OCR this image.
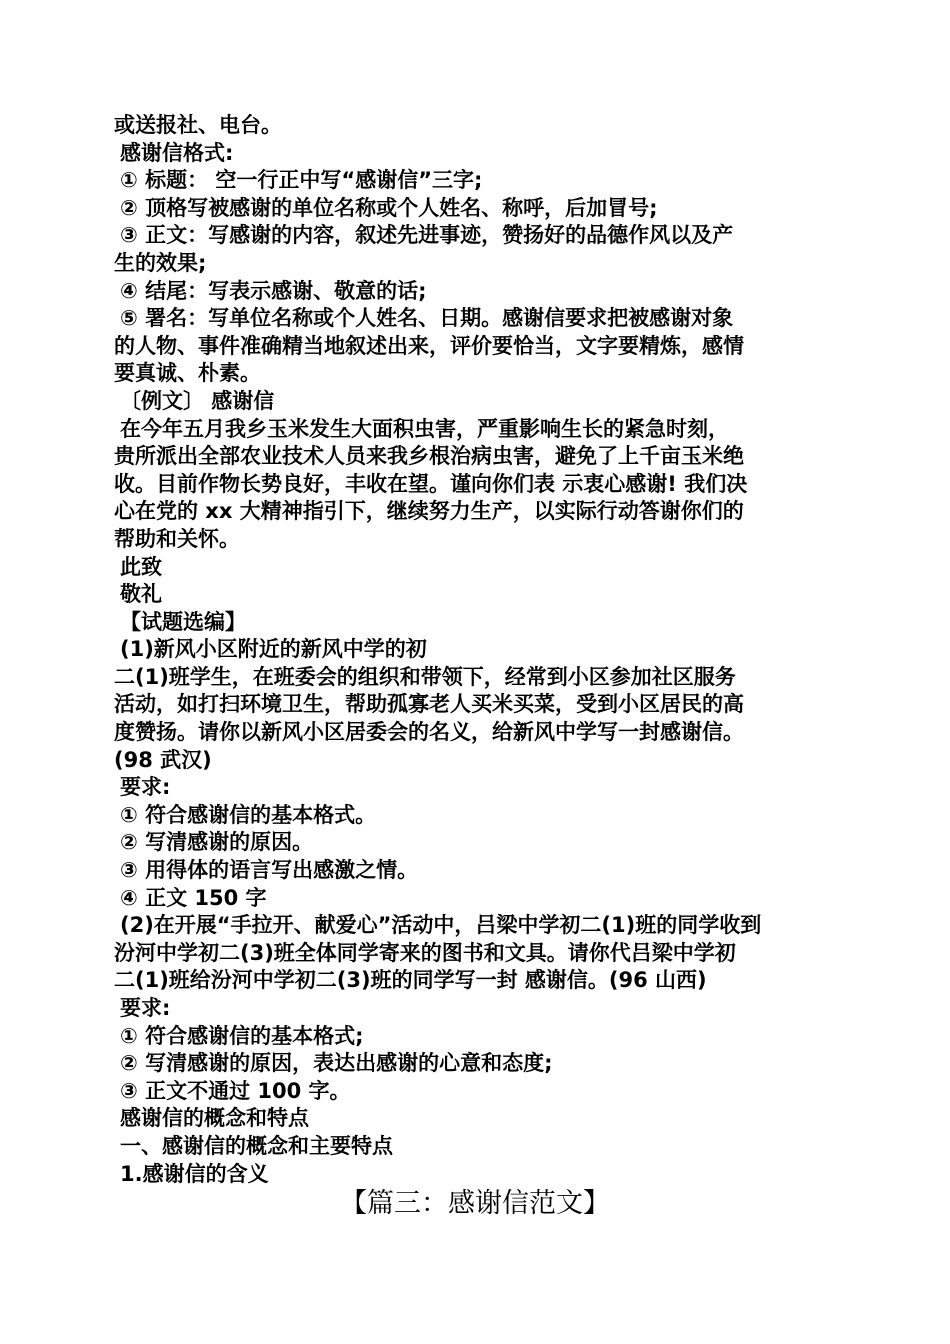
或送报社、电台。

感谢信格式:

① 标题： 空一行正中写“感谢信”三字;

② 顶格写被感谢的单位名称或个人姓名、称呼，后加冒号;

③ 正文：写感谢的内容，叙述先进事迹，赞扬好的品德作风以及产

生的效果;

④ 结尾：写表示感谢、敬意的话;

⑤ 署名：写单位名称或个人姓名、日期。感谢信要求把被感谢对象

的人物、事件准确精当地叙述出来，评价要恰当，文字要精炼，感情

要真诚、朴素。

〔例文〕 感谢信

在今年五月我乡玉米发生大面积虫害，严重影响生长的紧急时刻，

贵所派出全部农业技术人员来我乡根治病虫害，避免了上千亩玉米绝

收。目前作物长势良好，丰收在望。谨向你们表 示衷心感谢! 我们决

心在党的 xx 大精神指引下，继续努力生产，以实际行动答谢你们的

帮助和关怀。

此致

敬礼

【试题选编】

(1)新风小区附近的新风中学的初

二(1)班学生，在班委会的组织和带领下，经常到小区参加社区服务

活动，如打扫环境卫生，帮助孤寡老人买米买菜，受到小区居民的高

度赞扬。请你以新风小区居委会的名义，给新风中学写一封感谢信。

(98 武汉)

要求:

① 符合感谢信的基本格式。

② 写清感谢的原因。

③ 用得体的语言写出感激之情。

④ 正文 150 字

(2)在开展“手拉开、献爱心”活动中，吕梁中学初二(1)班的同学收到

汾河中学初二(3)班全体同学寄来的图书和文具。请你代吕梁中学初

二(1)班给汾河中学初二(3)班的同学写一封 感谢信。(96 山西)

要求:

① 符合感谢信的基本格式;

② 写清感谢的原因，表达出感谢的心意和态度;

③ 正文不通过 100 字。

感谢信的概念和特点

一、感谢信的概念和主要特点

1.感谢信的含义

【篇三：感谢信范文】
